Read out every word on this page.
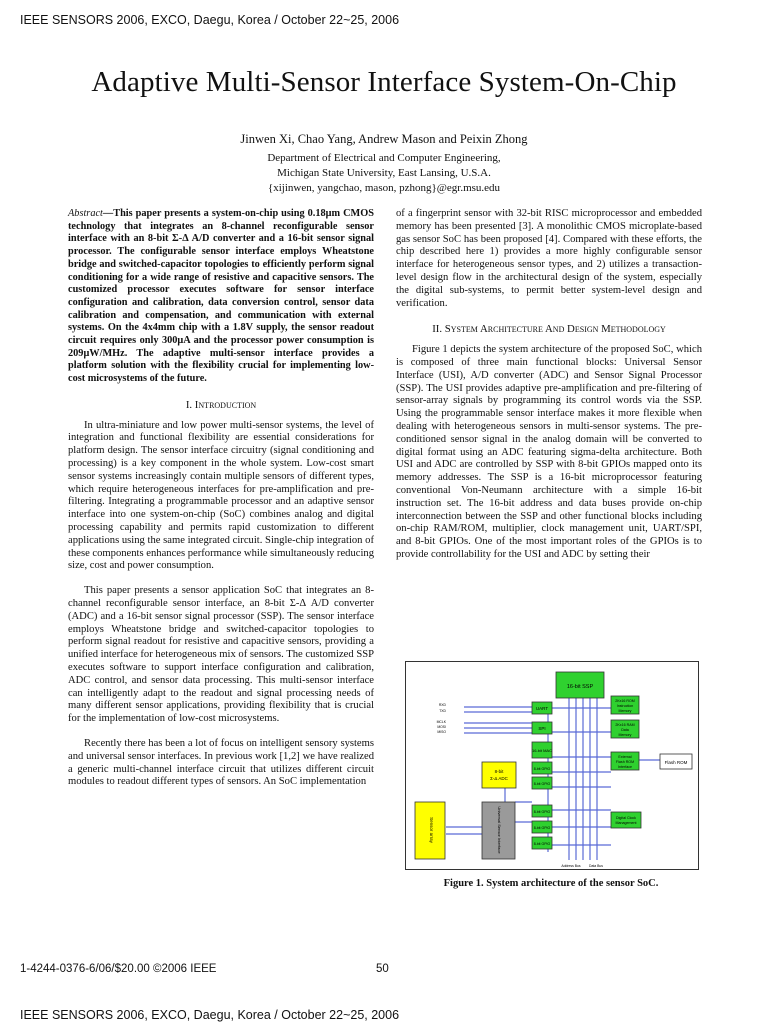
IEEE SENSORS 2006, EXCO, Daegu, Korea / October 22~25, 2006
Adaptive Multi-Sensor Interface System-On-Chip
Jinwen Xi, Chao Yang, Andrew Mason and Peixin Zhong
Department of Electrical and Computer Engineering,
Michigan State University, East Lansing, U.S.A.
{xijinwen, yangchao, mason, pzhong}@egr.msu.edu

Abstract—This paper presents a system-on-chip using 0.18μm CMOS technology that integrates an 8-channel reconfigurable sensor interface with an 8-bit Σ-Δ A/D converter and a 16-bit sensor signal processor. The configurable sensor interface employs Wheatstone bridge and switched-capacitor topologies to efficiently perform signal conditioning for a wide range of resistive and capacitive sensors. The customized processor executes software for sensor interface configuration and calibration, data conversion control, sensor data calibration and compensation, and communication with external systems. On the 4x4mm chip with a 1.8V supply, the sensor readout circuit requires only 300μA and the processor power consumption is 209μW/MHz. The adaptive multi-sensor interface provides a platform solution with the flexibility crucial for implementing low-cost microsystems of the future.

I. Introduction

In ultra-miniature and low power multi-sensor systems, the level of integration and functional flexibility are essential considerations for platform design. The sensor interface circuitry (signal conditioning and processing) is a key component in the whole system. Low-cost smart sensor systems increasingly contain multiple sensors of different types, which require heterogeneous interfaces for pre-amplification and pre-filtering. Integrating a programmable processor and an adaptive sensor interface into one system-on-chip (SoC) combines analog and digital processing capability and permits rapid customization to different applications using the same integrated circuit. Single-chip integration of these components enhances performance while simultaneously reducing size, cost and power consumption.

This paper presents a sensor application SoC that integrates an 8-channel reconfigurable sensor interface, an 8-bit Σ-Δ A/D converter (ADC) and a 16-bit sensor signal processor (SSP). The sensor interface employs Wheatstone bridge and switched-capacitor topologies to perform signal readout for resistive and capacitive sensors, providing a unified interface for heterogeneous mix of sensors. The customized SSP executes software to support interface configuration and calibration, ADC control, and sensor data processing. This multi-sensor interface can intelligently adapt to the readout and signal processing needs of many different sensor applications, providing flexibility that is crucial for the implementation of low-cost microsystems.

Recently there has been a lot of focus on intelligent sensory systems and universal sensor interfaces. In previous work [1,2] we have realized a generic multi-channel interface circuit that utilizes different circuit modules to readout different types of sensors. An SoC implementation

of a fingerprint sensor with 32-bit RISC microprocessor and embedded memory has been presented [3]. A monolithic CMOS microplate-based gas sensor SoC has been proposed [4]. Compared with these efforts, the chip described here 1) provides a more highly configurable sensor interface for heterogeneous sensor types, and 2) utilizes a transaction-level design flow in the architectural design of the system, especially the digital sub-systems, to permit better system-level design and verification.

II. System Architecture And Design Methodology

Figure 1 depicts the system architecture of the proposed SoC, which is composed of three main functional blocks: Universal Sensor Interface (USI), A/D converter (ADC) and Sensor Signal Processor (SSP). The USI provides adaptive pre-amplification and pre-filtering of sensor-array signals by programming its control words via the SSP. Using the programmable sensor interface makes it more flexible when dealing with heterogeneous sensors in multi-sensor systems. The pre-conditioned sensor signal in the analog domain will be converted to digital format using an ADC featuring sigma-delta architecture. Both USI and ADC are controlled by SSP with 8-bit GPIOs mapped onto its memory addresses. The SSP is a 16-bit microprocessor featuring conventional Von-Neumann architecture with a simple 16-bit instruction set. The 16-bit address and data buses provide on-chip interconnection between the SSP and other functional blocks including on-chip RAM/ROM, multiplier, clock management unit, UART/SPI, and 8-bit GPIOs. One of the most important roles of the GPIOs is to provide controllability for the USI and ADC by setting their

16-bit SSP
UART
SPI
16-bit MAC
8-bit GPIO
8-bit GPIO
8-bit GPIO
8-bit GPIO
8-bit GPIO
8-bit
Σ-Δ ADC
Universal Sensor Interface
Sensor array
2Kx16 ROM
Instruction
Memory
2Kx16 RAM
Data
Memory
External
Flash ROM
Interface
Flash ROM
Digital Clock
Management
RXD
TXD
MCLK
MOSI
MISO
Address Bus Data Bus
Figure 1. System architecture of the sensor SoC.
1-4244-0376-6/06/$20.00 ©2006 IEEE	50
IEEE SENSORS 2006, EXCO, Daegu, Korea / October 22~25, 2006
